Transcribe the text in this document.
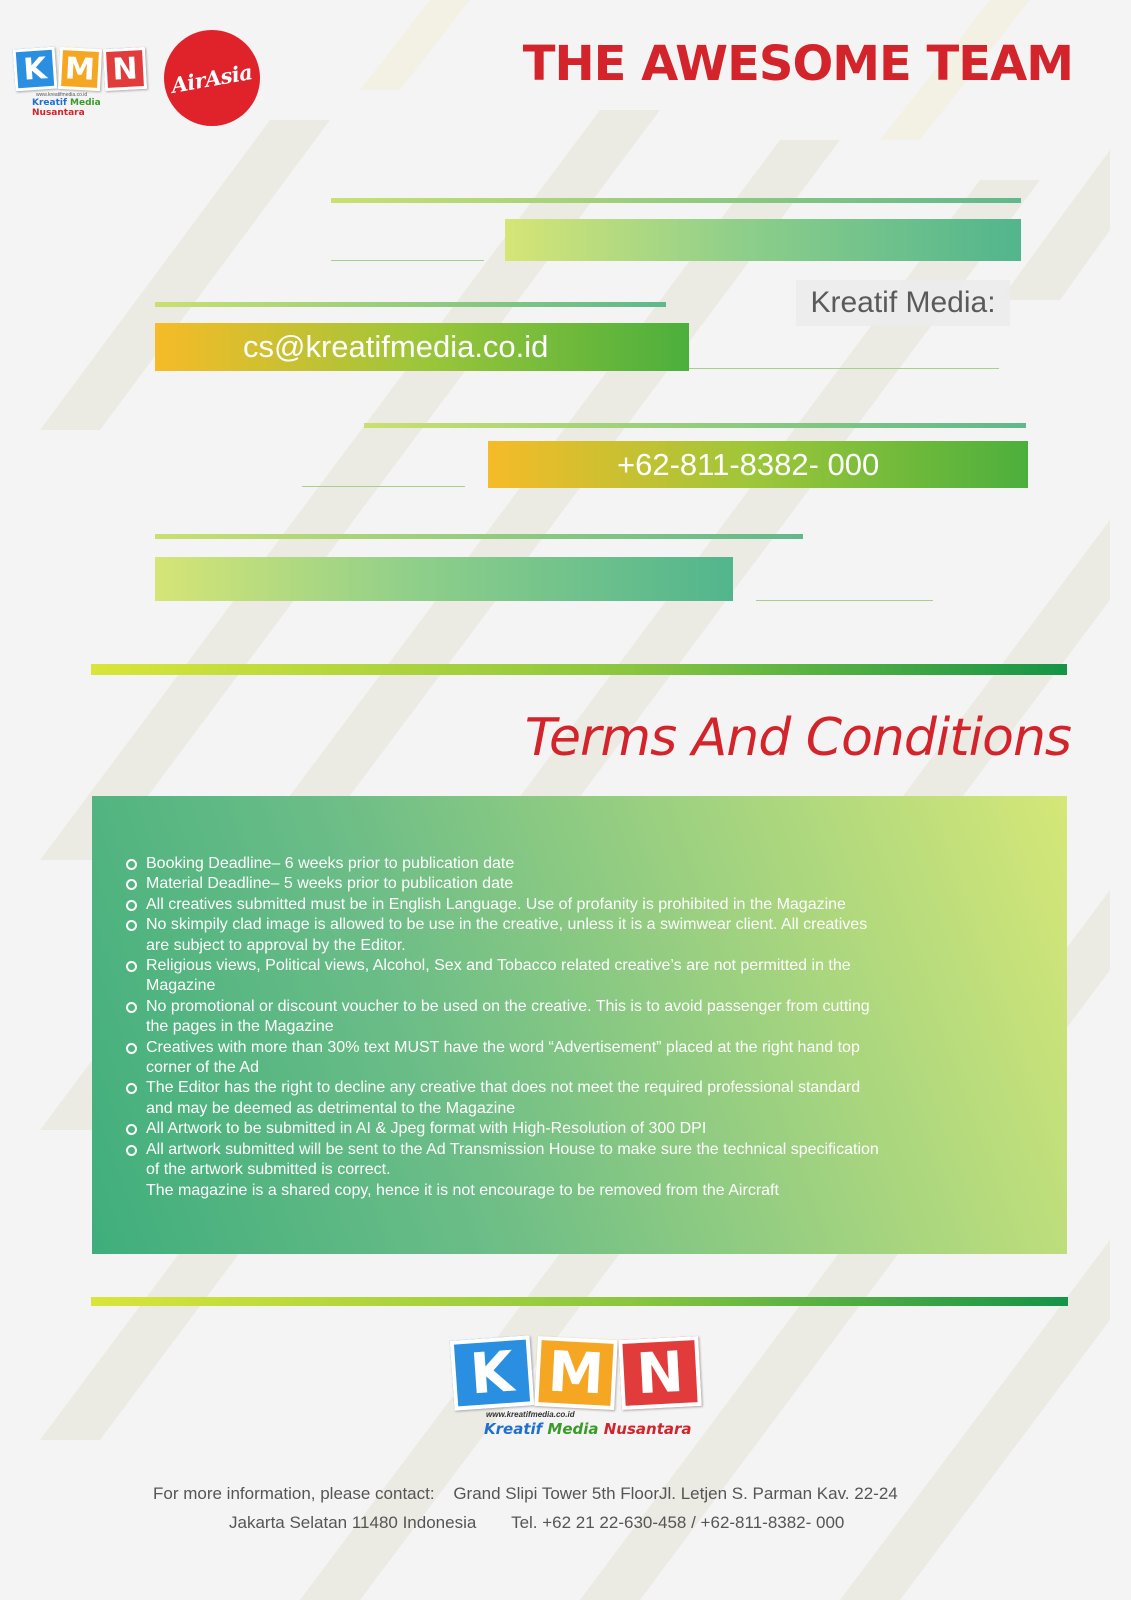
K M N
www.kreatifmedia.co.id
Kreatif Media Nusantara
AirAsia	THE AWESOME TEAM
Kreatif Media:
cs@kreatifmedia.co.id
+62-811-8382- 000
Terms And Conditions
Booking Deadline– 6 weeks prior to publication date
Material Deadline– 5 weeks prior to publication date
All creatives submitted must be in English Language. Use of profanity is prohibited in the Magazine
No skimpily clad image is allowed to be use in the creative, unless it is a swimwear client. All creatives
are subject to approval by the Editor.
Religious views, Political views, Alcohol, Sex and Tobacco related creative’s are not permitted in the
Magazine
No promotional or discount voucher to be used on the creative. This is to avoid passenger from cutting
the pages in the Magazine
Creatives with more than 30% text MUST have the word “Advertisement” placed at the right hand top
corner of the Ad
The Editor has the right to decline any creative that does not meet the required professional standard
and may be deemed as detrimental to the Magazine
All Artwork to be submitted in AI & Jpeg format with High-Resolution of 300 DPI
All artwork submitted will be sent to the Ad Transmission House to make sure the technical specification
of the artwork submitted is correct.
The magazine is a shared copy, hence it is not encourage to be removed from the Aircraft
K M N
www.kreatifmedia.co.id
Kreatif Media Nusantara
For more information, please contact: Grand Slipi Tower 5th FloorJl. Letjen S. Parman Kav. 22-24
Jakarta Selatan 11480 Indonesia Tel. +62 21 22-630-458 / +62-811-8382- 000
